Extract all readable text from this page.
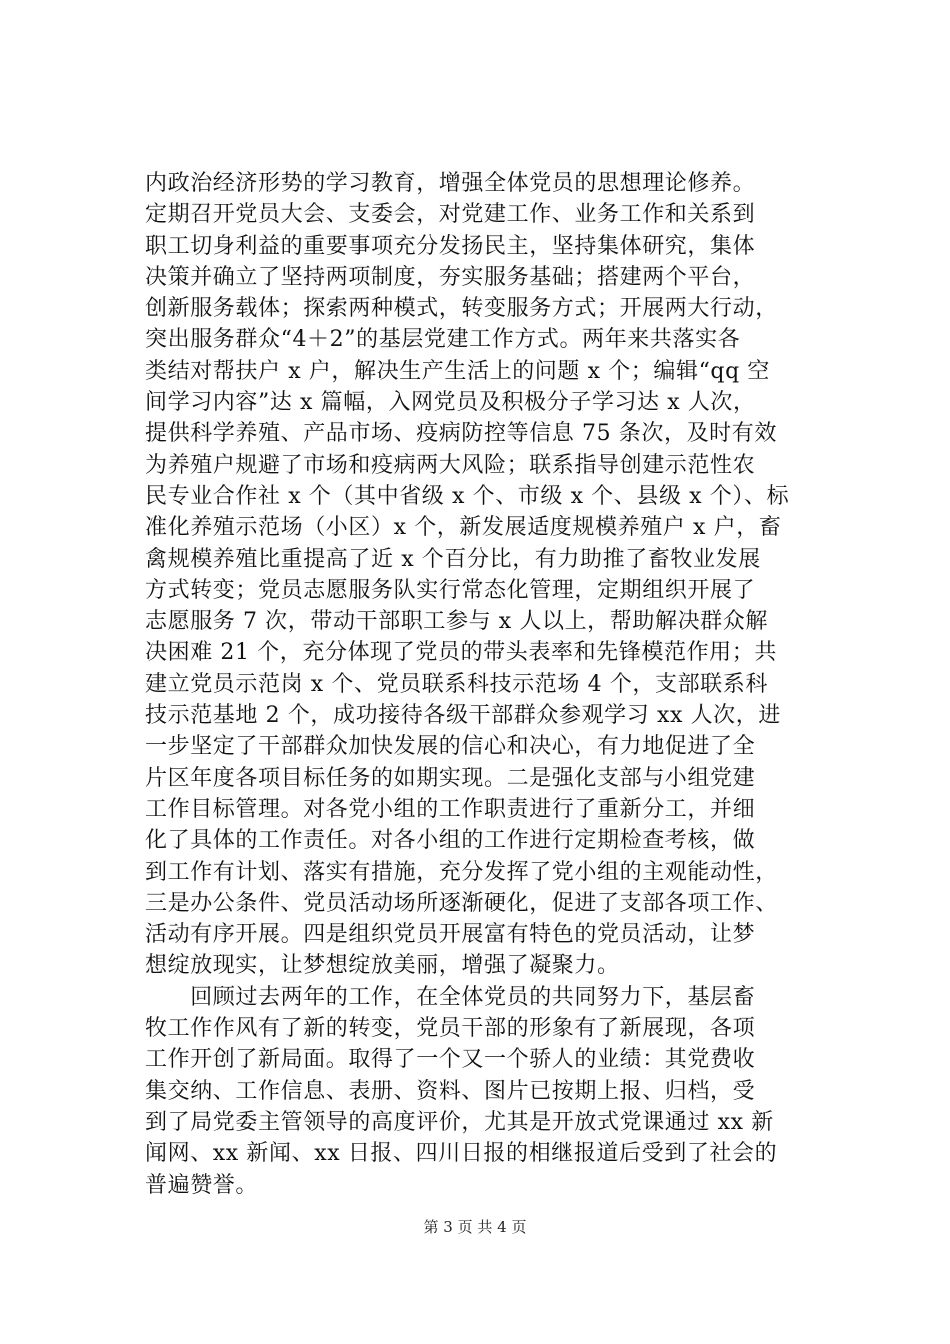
内政治经济形势的学习教育，增强全体党员的思想理论修养。
定期召开党员大会、支委会，对党建工作、业务工作和关系到
职工切身利益的重要事项充分发扬民主，坚持集体研究，集体
决策并确立了坚持两项制度，夯实服务基础；搭建两个平台，
创新服务载体；探索两种模式，转变服务方式；开展两大行动，
突出服务群众“4＋2”的基层党建工作方式。两年来共落实各
类结对帮扶户 x 户，解决生产生活上的问题 x 个；编辑“qq 空
间学习内容”达 x 篇幅，入网党员及积极分子学习达 x 人次，
提供科学养殖、产品市场、疫病防控等信息 75 条次，及时有效
为养殖户规避了市场和疫病两大风险；联系指导创建示范性农
民专业合作社 x 个（其中省级 x 个、市级 x 个、县级 x 个）、标
准化养殖示范场（小区）x 个，新发展适度规模养殖户 x 户，畜
禽规模养殖比重提高了近 x 个百分比，有力助推了畜牧业发展
方式转变；党员志愿服务队实行常态化管理，定期组织开展了
志愿服务 7 次，带动干部职工参与 x 人以上，帮助解决群众解
决困难 21 个，充分体现了党员的带头表率和先锋模范作用；共
建立党员示范岗 x 个、党员联系科技示范场 4 个，支部联系科
技示范基地 2 个，成功接待各级干部群众参观学习 xx 人次，进
一步坚定了干部群众加快发展的信心和决心，有力地促进了全
片区年度各项目标任务的如期实现。二是强化支部与小组党建
工作目标管理。对各党小组的工作职责进行了重新分工，并细
化了具体的工作责任。对各小组的工作进行定期检查考核，做
到工作有计划、落实有措施，充分发挥了党小组的主观能动性，
三是办公条件、党员活动场所逐渐硬化，促进了支部各项工作、
活动有序开展。四是组织党员开展富有特色的党员活动，让梦
想绽放现实，让梦想绽放美丽，增强了凝聚力。
　　回顾过去两年的工作，在全体党员的共同努力下，基层畜
牧工作作风有了新的转变，党员干部的形象有了新展现，各项
工作开创了新局面。取得了一个又一个骄人的业绩：其党费收
集交纳、工作信息、表册、资料、图片已按期上报、归档，受
到了局党委主管领导的高度评价，尤其是开放式党课通过 xx 新
闻网、xx 新闻、xx 日报、四川日报的相继报道后受到了社会的
普遍赞誉。
第 3 页 共 4 页
